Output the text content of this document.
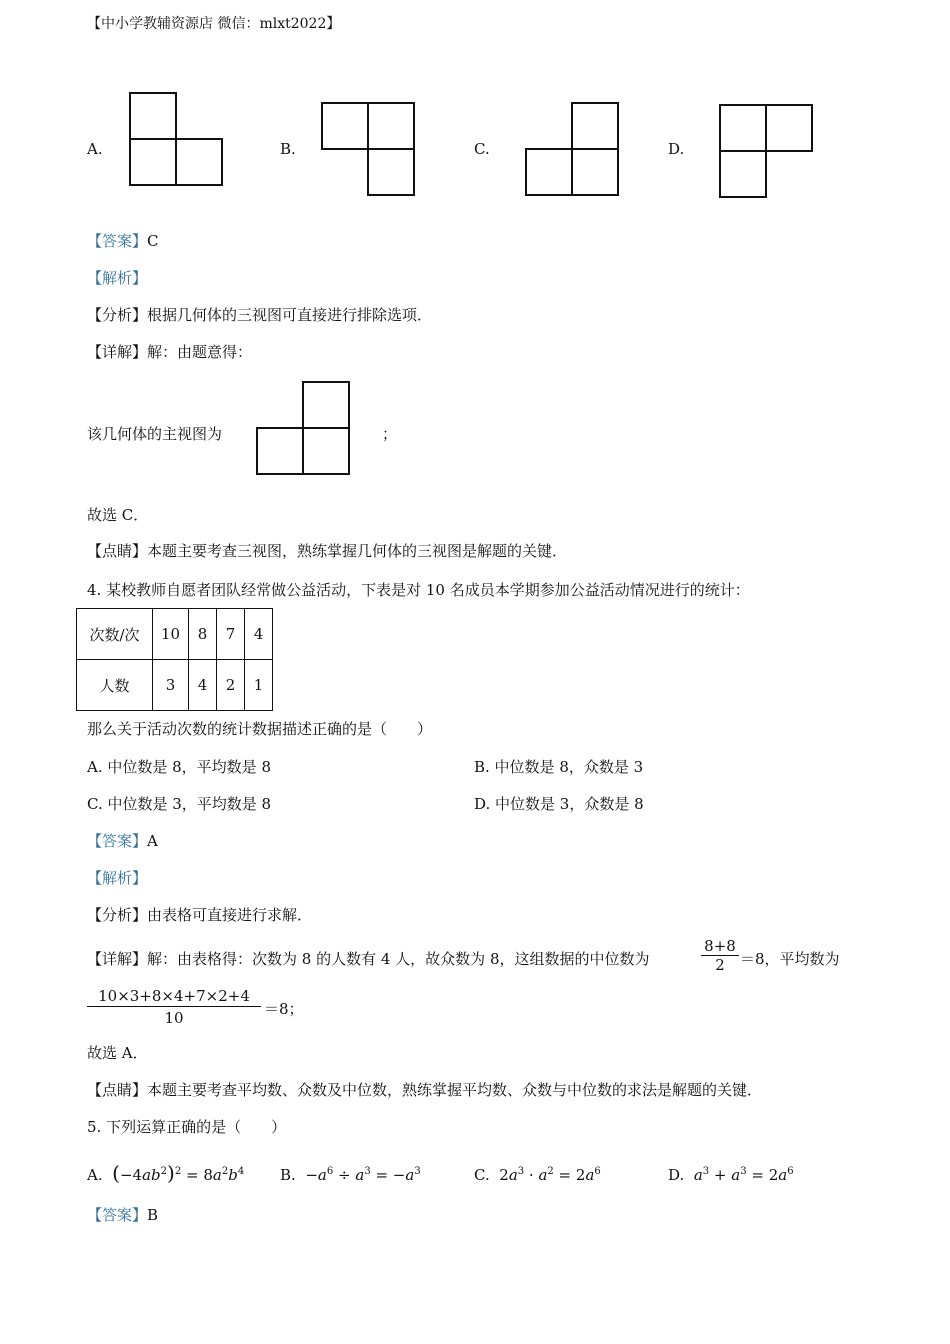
【中小学教辅资源店 微信：mlxt2022】
A.	B.	C.	D.
【答案】C
【解析】
【分析】根据几何体的三视图可直接进行排除选项．
【详解】解：由题意得：
该几何体的主视图为	；
故选 C．
【点睛】本题主要考查三视图，熟练掌握几何体的三视图是解题的关键．
4. 某校教师自愿者团队经常做公益活动，下表是对 10 名成员本学期参加公益活动情况进行的统计：
次数/次	10	8	7	4
人数	3	4	2	1
那么关于活动次数的统计数据描述正确的是（　　）
A. 中位数是 8，平均数是 8	B. 中位数是 8，众数是 3
C. 中位数是 3，平均数是 8	D. 中位数是 3，众数是 8
【答案】A
【解析】
【分析】由表格可直接进行求解．
【详解】解：由表格得：次数为 8 的人数有 4 人，故众数为 8，这组数据的中位数为	$\frac{8+8}{2} =8$，平均数为
$\frac{10\times 3+8\times 4+7\times 2+4}{10} =8$；
故选 A．
【点睛】本题主要考查平均数、众数及中位数，熟练掌握平均数、众数与中位数的求法是解题的关键．
5. 下列运算正确的是（　　）
A. $(-4ab^2)^2 = 8a^2b^4$ B.  $-a^6 \div a^3 = -a^3$	C.  $2a^3 \cdot a^2 = 2a^6$	D. $a^3 + a^3 = 2a^6$
【答案】B
